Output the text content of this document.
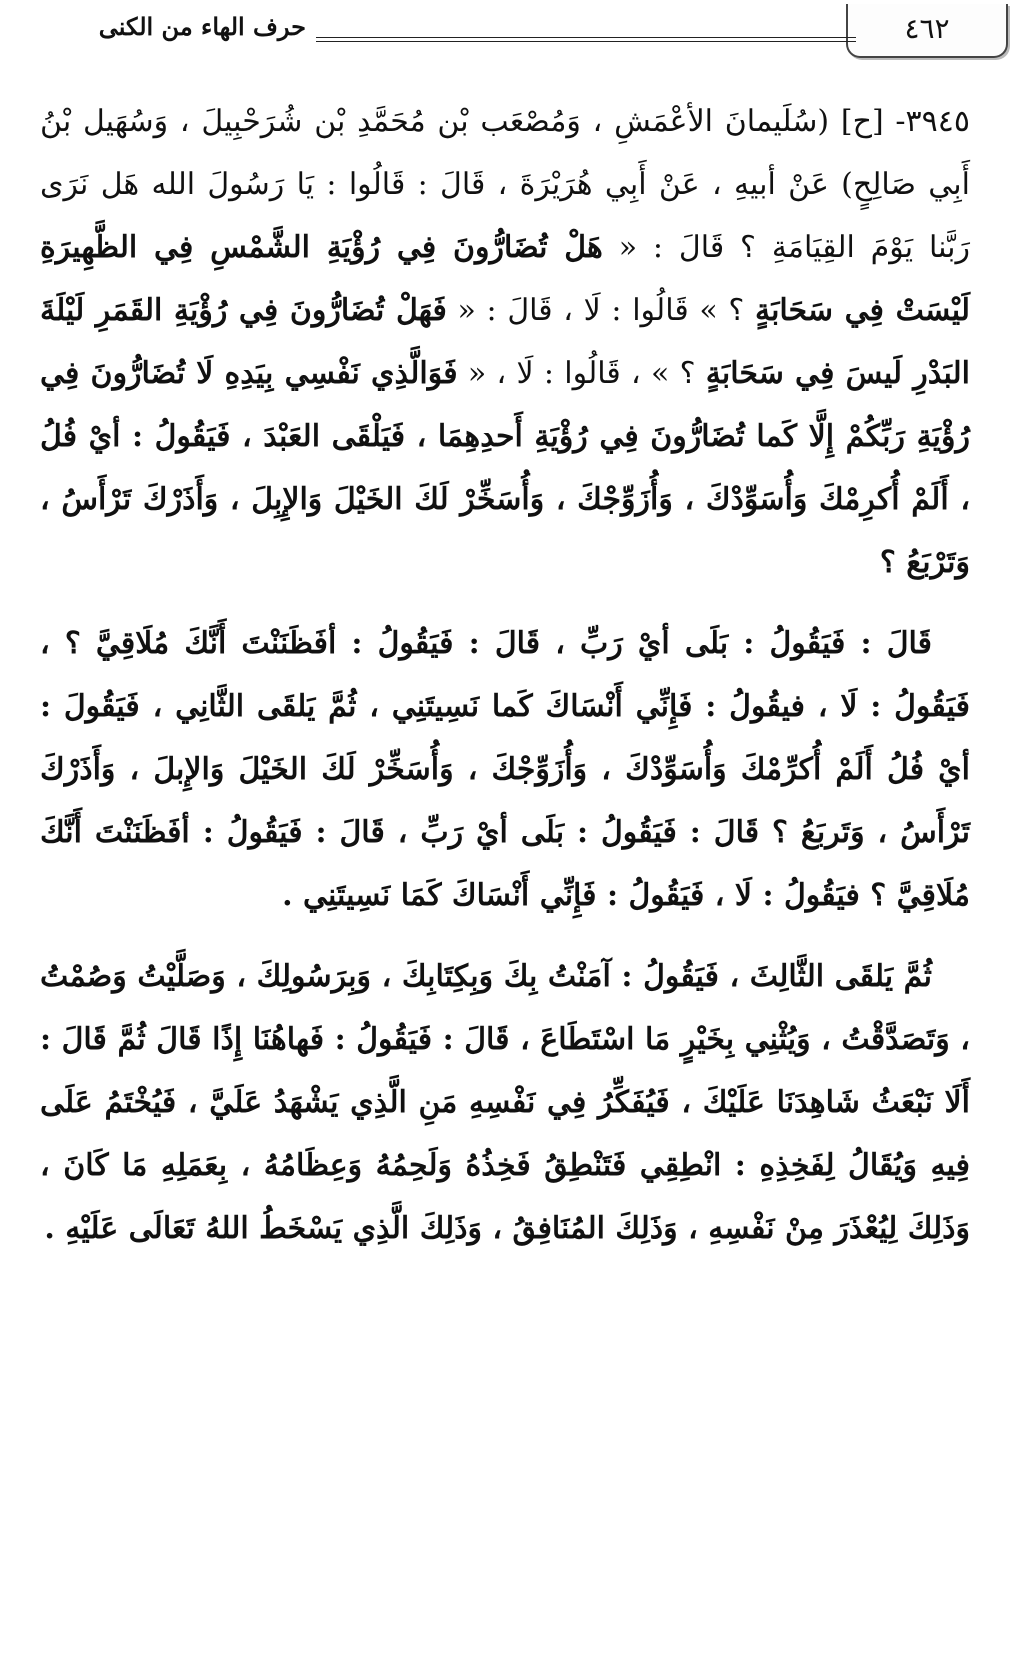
٤٦٢
حرف الهاء من الكنى

٣٩٤٥- [ح] (سُلَيمانَ الأعْمَشِ ، وَمُصْعَب بْن مُحَمَّدِ بْن شُرَحْبِيلَ ، وَسُهَيل بْنُ أَبِي صَالِحٍ) عَنْ أبيهِ ، عَنْ أَبِي هُرَيْرَةَ ، قَالَ : قَالُوا : يَا رَسُولَ الله هَل نَرَى رَبَّنا يَوْمَ القِيَامَةِ ؟ قَالَ : « هَلْ تُضَارُّونَ فِي رُؤْيَةِ الشَّمْسِ فِي الظَّهِيرَةِ لَيْسَتْ فِي سَحَابَةٍ ؟ » قَالُوا : لَا ، قَالَ : « فَهَلْ تُضَارُّونَ فِي رُؤْيَةِ القَمَرِ لَيْلَةَ البَدْرِ لَيسَ فِي سَحَابَةٍ ؟ » ، قَالُوا : لَا ، « فَوَالَّذِي نَفْسِي بِيَدِهِ لَا تُضَارُّونَ فِي رُؤْيَةِ رَبِّكُمْ إِلَّا كَما تُضَارُّونَ فِي رُؤْيَةِ أَحدِهِمَا ، فَيَلْقَى العَبْدَ ، فَيَقُولُ : أيْ فُلُ ، أَلَمْ أُكرِمْكَ وَأُسَوِّدْكَ ، وَأُزَوِّجْكَ ، وَأُسَخِّرْ لَكَ الخَيْلَ وَالإِبِلَ ، وَأَذَرْكَ تَرْأَسُ ، وَتَرْبَعُ ؟

قَالَ : فَيَقُولُ : بَلَى أيْ رَبِّ ، قَالَ : فَيَقُولُ : أفَظَنَنْتَ أَنَّكَ مُلَاقِيَّ ؟ ، فَيَقُولُ : لَا ، فيقُولُ : فَإِنِّي أَنْسَاكَ كَما نَسِيتَنِي ، ثُمَّ يَلقَى الثَّانِي ، فَيَقُولَ : أيْ فُلُ أَلَمْ أُكرِّمْكَ وَأُسَوِّدْكَ ، وَأُزَوِّجْكَ ، وَأُسَخِّرْ لَكَ الخَيْلَ وَالإِبلَ ، وَأَذَرْكَ تَرْأَسُ ، وَتَربَعُ ؟ قَالَ : فَيَقُولُ : بَلَى أيْ رَبِّ ، قَالَ : فَيَقُولُ : أفَظَنَنْتَ أَنَّكَ مُلَاقِيَّ ؟ فيَقُولُ : لَا ، فَيَقُولُ : فَإِنِّي أَنْسَاكَ كَمَا نَسِيتَنِي .

ثُمَّ يَلقَى الثَّالِثَ ، فَيَقُولُ : آمَنْتُ بِكَ وَبِكِتَابِكَ ، وَبِرَسُولِكَ ، وَصَلَّيْتُ وَصُمْتُ ، وَتَصَدَّقْتُ ، وَيُثْنِي بِخَيْرٍ مَا اسْتَطَاعَ ، قَالَ : فَيَقُولُ : فَهاهُنَا إِذًا قَالَ ثُمَّ قَالَ : أَلَا نَبْعَثُ شَاهِدَنَا عَلَيْكَ ، فَيُفَكِّرُ فِي نَفْسِهِ مَنِ الَّذِي يَشْهَدُ عَلَيَّ ، فَيُخْتَمُ عَلَى فِيهِ وَيُقَالُ لِفَخِذِهِ : انْطِقِي فَتَنْطِقُ فَخِذُهُ وَلَحِمُهُ وَعِظَامُهُ ، بِعَمَلِهِ مَا كَانَ ، وَذَلِكَ لِيُعْذَرَ مِنْ نَفْسِهِ ، وَذَلِكَ المُنَافِقُ ، وَذَلِكَ الَّذِي يَسْخَطُ اللهُ تَعَالَى عَلَيْهِ .
